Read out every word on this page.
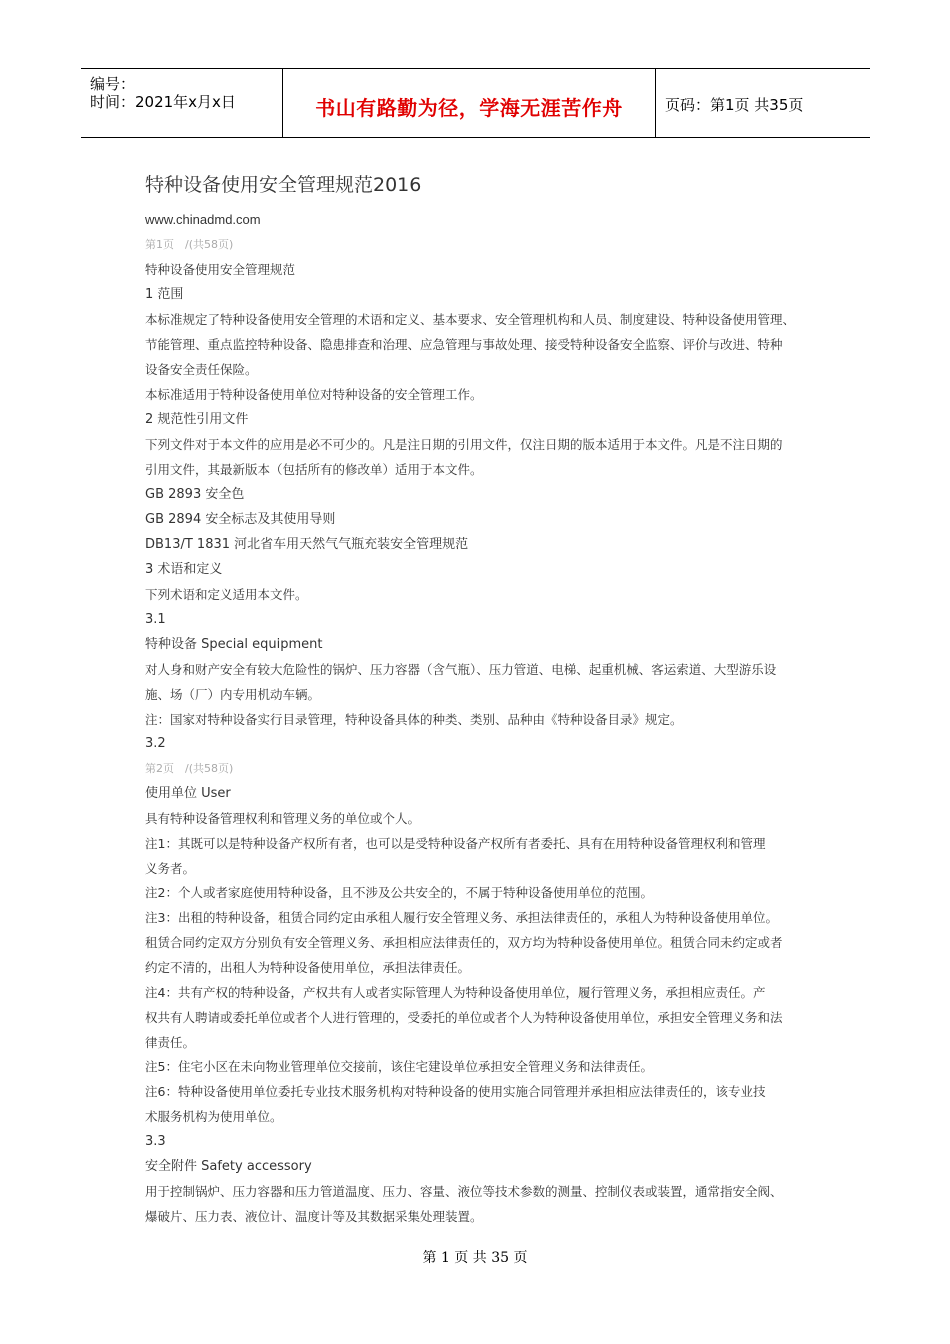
编号：
时间：2021年x月x日	书山有路勤为径，学海无涯苦作舟	页码：第1页 共35页
特种设备使用安全管理规范2016
www.chinadmd.com
第1页　/(共58页)
特种设备使用安全管理规范
1 范围
本标准规定了特种设备使用安全管理的术语和定义、基本要求、安全管理机构和人员、制度建设、特种设备使用管理、
节能管理、重点监控特种设备、隐患排查和治理、应急管理与事故处理、接受特种设备安全监察、评价与改进、特种
设备安全责任保险。
本标准适用于特种设备使用单位对特种设备的安全管理工作。
2 规范性引用文件
下列文件对于本文件的应用是必不可少的。凡是注日期的引用文件，仅注日期的版本适用于本文件。凡是不注日期的
引用文件，其最新版本（包括所有的修改单）适用于本文件。
GB 2893 安全色
GB 2894 安全标志及其使用导则
DB13/T 1831 河北省车用天然气气瓶充装安全管理规范
3 术语和定义
下列术语和定义适用本文件。
3.1
特种设备 Special equipment
对人身和财产安全有较大危险性的锅炉、压力容器（含气瓶）、压力管道、电梯、起重机械、客运索道、大型游乐设
施、场（厂）内专用机动车辆。
注：国家对特种设备实行目录管理，特种设备具体的种类、类别、品种由《特种设备目录》规定。
3.2
第2页　/(共58页)
使用单位 User
具有特种设备管理权利和管理义务的单位或个人。
注1：其既可以是特种设备产权所有者，也可以是受特种设备产权所有者委托、具有在用特种设备管理权利和管理
义务者。
注2：个人或者家庭使用特种设备，且不涉及公共安全的，不属于特种设备使用单位的范围。
注3：出租的特种设备，租赁合同约定由承租人履行安全管理义务、承担法律责任的，承租人为特种设备使用单位。
租赁合同约定双方分别负有安全管理义务、承担相应法律责任的，双方均为特种设备使用单位。租赁合同未约定或者
约定不清的，出租人为特种设备使用单位，承担法律责任。
注4：共有产权的特种设备，产权共有人或者实际管理人为特种设备使用单位，履行管理义务，承担相应责任。产
权共有人聘请或委托单位或者个人进行管理的，受委托的单位或者个人为特种设备使用单位，承担安全管理义务和法
律责任。
注5：住宅小区在未向物业管理单位交接前，该住宅建设单位承担安全管理义务和法律责任。
注6：特种设备使用单位委托专业技术服务机构对特种设备的使用实施合同管理并承担相应法律责任的，该专业技
术服务机构为使用单位。
3.3
安全附件 Safety accessory
用于控制锅炉、压力容器和压力管道温度、压力、容量、液位等技术参数的测量、控制仪表或装置，通常指安全阀、
爆破片、压力表、液位计、温度计等及其数据采集处理装置。
第 1 页 共 35 页
